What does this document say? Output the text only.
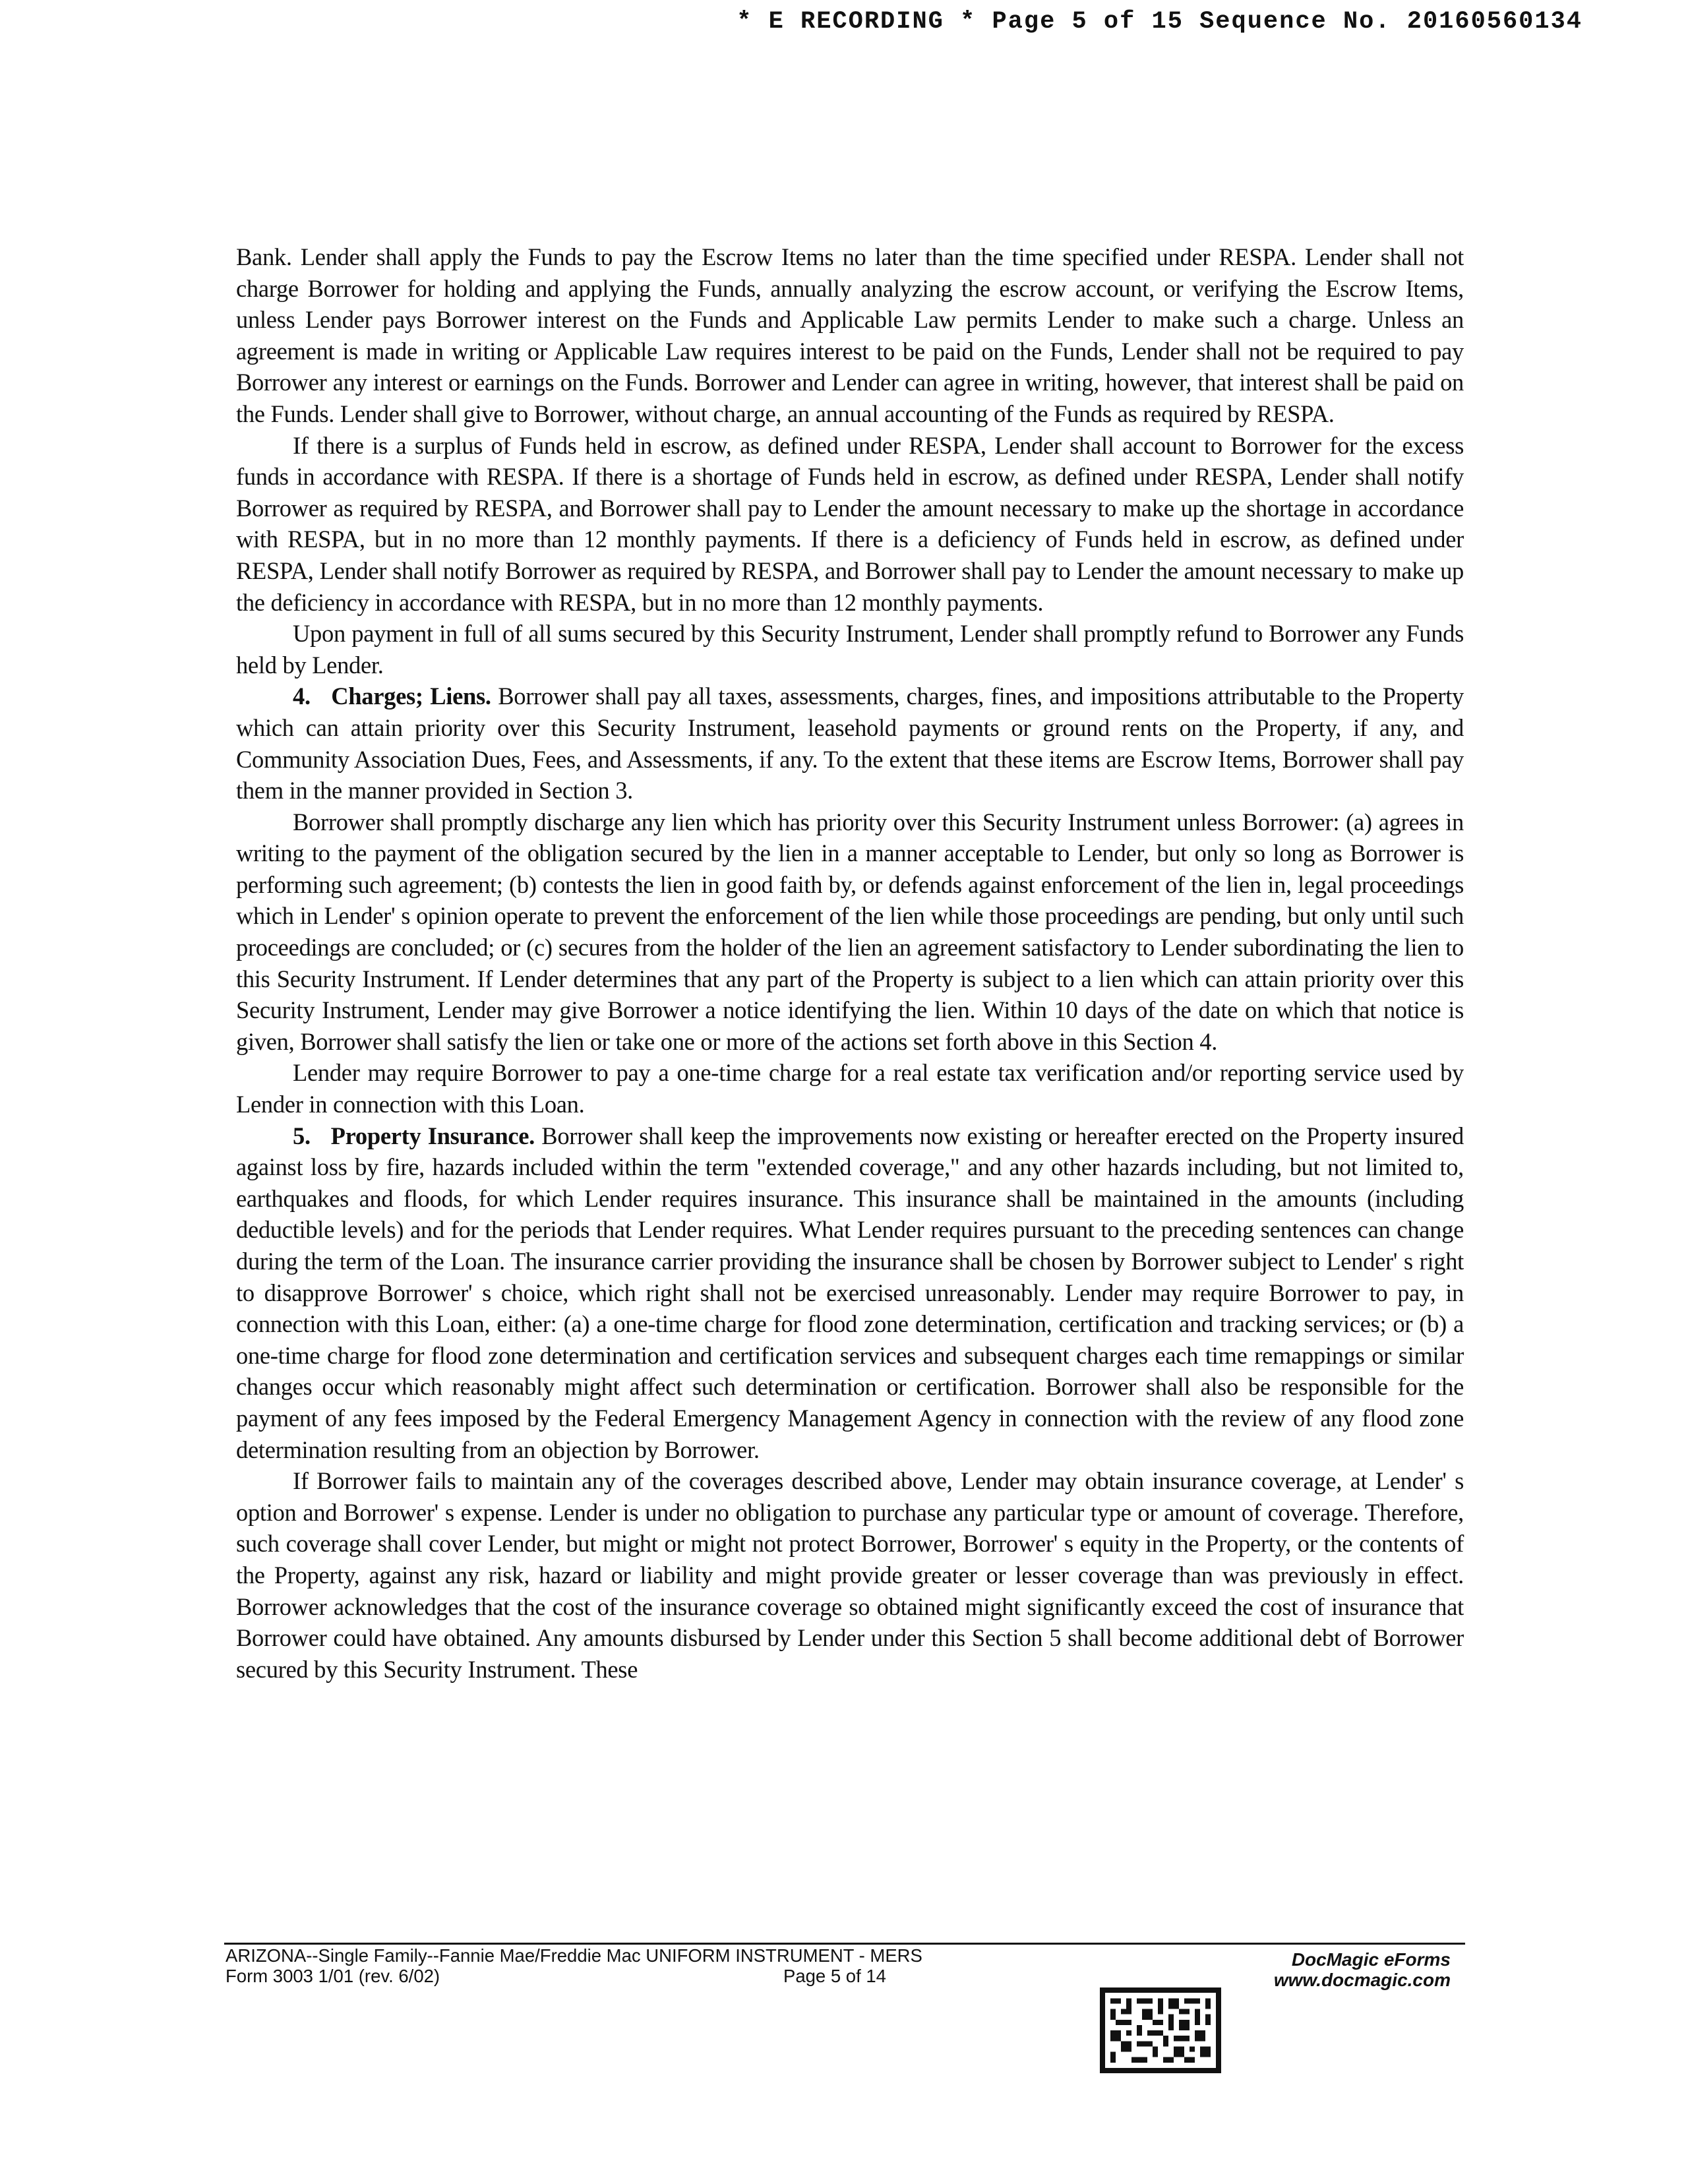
* E RECORDING * Page 5 of 15 Sequence No. 20160560134

Bank. Lender shall apply the Funds to pay the Escrow Items no later than the time specified under RESPA. Lender shall not charge Borrower for holding and applying the Funds, annually analyzing the escrow account, or verifying the Escrow Items, unless Lender pays Borrower interest on the Funds and Applicable Law permits Lender to make such a charge. Unless an agreement is made in writing or Applicable Law requires interest to be paid on the Funds, Lender shall not be required to pay Borrower any interest or earnings on the Funds. Borrower and Lender can agree in writing, however, that interest shall be paid on the Funds. Lender shall give to Borrower, without charge, an annual accounting of the Funds as required by RESPA.

If there is a surplus of Funds held in escrow, as defined under RESPA, Lender shall account to Borrower for the excess funds in accordance with RESPA. If there is a shortage of Funds held in escrow, as defined under RESPA, Lender shall notify Borrower as required by RESPA, and Borrower shall pay to Lender the amount necessary to make up the shortage in accordance with RESPA, but in no more than 12 monthly payments. If there is a deficiency of Funds held in escrow, as defined under RESPA, Lender shall notify Borrower as required by RESPA, and Borrower shall pay to Lender the amount necessary to make up the deficiency in accordance with RESPA, but in no more than 12 monthly payments.

Upon payment in full of all sums secured by this Security Instrument, Lender shall promptly refund to Borrower any Funds held by Lender.

4.   Charges; Liens. Borrower shall pay all taxes, assessments, charges, fines, and impositions attributable to the Property which can attain priority over this Security Instrument, leasehold payments or ground rents on the Property, if any, and Community Association Dues, Fees, and Assessments, if any. To the extent that these items are Escrow Items, Borrower shall pay them in the manner provided in Section 3.

Borrower shall promptly discharge any lien which has priority over this Security Instrument unless Borrower: (a) agrees in writing to the payment of the obligation secured by the lien in a manner acceptable to Lender, but only so long as Borrower is performing such agreement; (b) contests the lien in good faith by, or defends against enforcement of the lien in, legal proceedings which in Lender' s opinion operate to prevent the enforcement of the lien while those proceedings are pending, but only until such proceedings are concluded; or (c) secures from the holder of the lien an agreement satisfactory to Lender subordinating the lien to this Security Instrument. If Lender determines that any part of the Property is subject to a lien which can attain priority over this Security Instrument, Lender may give Borrower a notice identifying the lien. Within 10 days of the date on which that notice is given, Borrower shall satisfy the lien or take one or more of the actions set forth above in this Section 4.

Lender may require Borrower to pay a one-time charge for a real estate tax verification and/or reporting service used by Lender in connection with this Loan.

5.   Property Insurance. Borrower shall keep the improvements now existing or hereafter erected on the Property insured against loss by fire, hazards included within the term "extended coverage," and any other hazards including, but not limited to, earthquakes and floods, for which Lender requires insurance. This insurance shall be maintained in the amounts (including deductible levels) and for the periods that Lender requires. What Lender requires pursuant to the preceding sentences can change during the term of the Loan. The insurance carrier providing the insurance shall be chosen by Borrower subject to Lender' s right to disapprove Borrower' s choice, which right shall not be exercised unreasonably. Lender may require Borrower to pay, in connection with this Loan, either: (a) a one-time charge for flood zone determination, certification and tracking services; or (b) a one-time charge for flood zone determination and certification services and subsequent charges each time remappings or similar changes occur which reasonably might affect such determination or certification. Borrower shall also be responsible for the payment of any fees imposed by the Federal Emergency Management Agency in connection with the review of any flood zone determination resulting from an objection by Borrower.

If Borrower fails to maintain any of the coverages described above, Lender may obtain insurance coverage, at Lender' s option and Borrower' s expense. Lender is under no obligation to purchase any particular type or amount of coverage. Therefore, such coverage shall cover Lender, but might or might not protect Borrower, Borrower' s equity in the Property, or the contents of the Property, against any risk, hazard or liability and might provide greater or lesser coverage than was previously in effect. Borrower acknowledges that the cost of the insurance coverage so obtained might significantly exceed the cost of insurance that Borrower could have obtained. Any amounts disbursed by Lender under this Section 5 shall become additional debt of Borrower secured by this Security Instrument. These

ARIZONA--Single Family--Fannie Mae/Freddie Mac UNIFORM INSTRUMENT - MERS
Form 3003 1/01 (rev. 6/02)	Page 5 of 14
DocMagic eForms
www.docmagic.com
